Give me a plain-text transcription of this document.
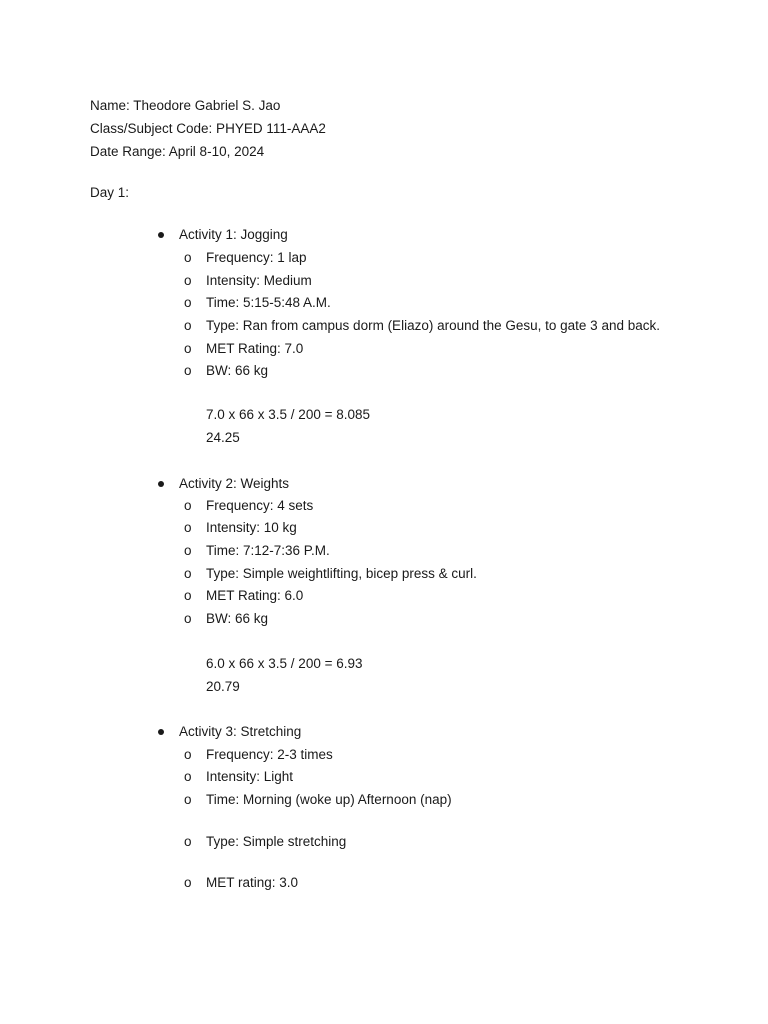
Name: Theodore Gabriel S. Jao
Class/Subject Code: PHYED 111-AAA2
Date Range: April 8-10, 2024
Day 1:
Activity 1: Jogging
o Frequency: 1 lap
o Intensity: Medium
o Time: 5:15-5:48 A.M.
o Type: Ran from campus dorm (Eliazo) around the Gesu, to gate 3 and back.
o MET Rating: 7.0
o BW: 66 kg
7.0 x 66 x 3.5 / 200 = 8.085
24.25
Activity 2: Weights
o Frequency: 4 sets
o Intensity: 10 kg
o Time: 7:12-7:36 P.M.
o Type: Simple weightlifting, bicep press & curl.
o MET Rating: 6.0
o BW: 66 kg
6.0 x 66 x 3.5 / 200 = 6.93
20.79
Activity 3: Stretching
o Frequency: 2-3 times
o Intensity: Light
o Time: Morning (woke up) Afternoon (nap)
o Type: Simple stretching
o MET rating: 3.0
